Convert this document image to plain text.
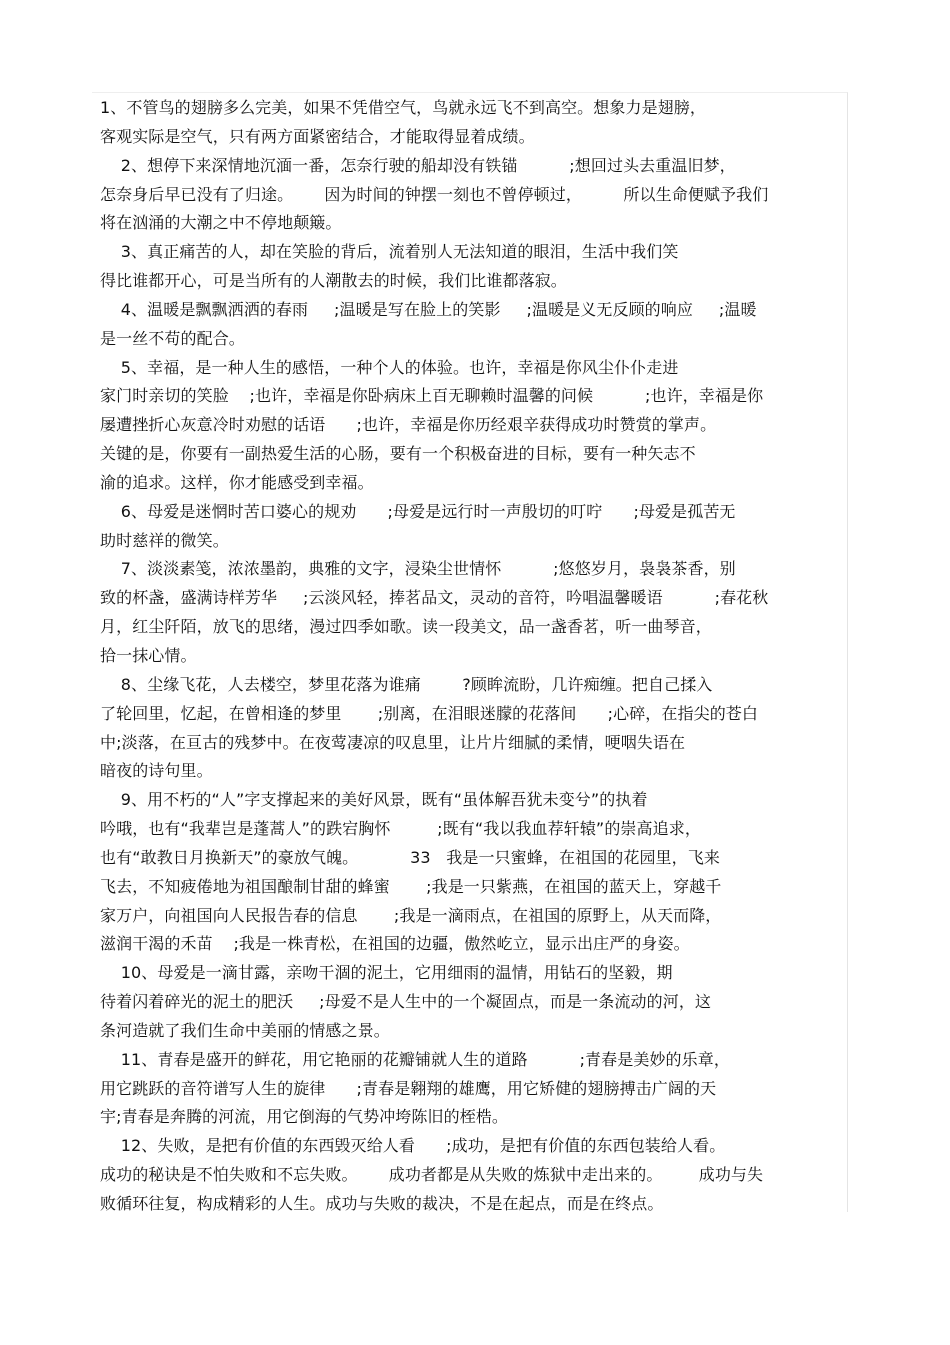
1、不管鸟的翅膀多么完美，如果不凭借空气，鸟就永远飞不到高空。想象力是翅膀，
客观实际是空气，只有两方面紧密结合，才能取得显着成绩。
2、想停下来深情地沉湎一番，怎奈行驶的船却没有铁锚          ;想回过头去重温旧梦，
怎奈身后早已没有了归途。      因为时间的钟摆一刻也不曾停顿过，        所以生命便赋予我们
将在汹涌的大潮之中不停地颠簸。
3、真正痛苦的人，却在笑脸的背后，流着别人无法知道的眼泪，生活中我们笑
得比谁都开心，可是当所有的人潮散去的时候，我们比谁都落寂。
4、温暖是飘飘洒洒的春雨     ;温暖是写在脸上的笑影     ;温暖是义无反顾的响应     ;温暖
是一丝不苟的配合。
5、幸福，是一种人生的感悟，一种个人的体验。也许，幸福是你风尘仆仆走进
家门时亲切的笑脸    ;也许，幸福是你卧病床上百无聊赖时温馨的问候          ;也许，幸福是你
屡遭挫折心灰意冷时劝慰的话语      ;也许，幸福是你历经艰辛获得成功时赞赏的掌声。
关键的是，你要有一副热爱生活的心肠，要有一个积极奋进的目标，要有一种矢志不
渝的追求。这样，你才能感受到幸福。
6、母爱是迷惘时苦口婆心的规劝      ;母爱是远行时一声殷切的叮咛      ;母爱是孤苦无
助时慈祥的微笑。
7、淡淡素笺，浓浓墨韵，典雅的文字，浸染尘世情怀          ;悠悠岁月，袅袅茶香，别
致的杯盏，盛满诗样芳华     ;云淡风轻，捧茗品文，灵动的音符，吟唱温馨暖语          ;春花秋
月，红尘阡陌，放飞的思绪，漫过四季如歌。读一段美文，品一盏香茗，听一曲琴音，
拾一抹心情。
8、尘缘飞花，人去楼空，梦里花落为谁痛        ?顾眸流盼，几许痴缠。把自己揉入
了轮回里，忆起，在曾相逢的梦里       ;别离，在泪眼迷朦的花落间      ;心碎，在指尖的苍白
中;淡落，在亘古的残梦中。在夜莺凄凉的叹息里，让片片细腻的柔情，哽咽失语在
暗夜的诗句里。
9、用不朽的“人”字支撑起来的美好风景，既有“虽体解吾犹未变兮”的执着
吟哦，也有“我辈岂是蓬蒿人”的跌宕胸怀         ;既有“我以我血荐轩辕”的崇高追求，
也有“敢教日月换新天”的豪放气魄。          33   我是一只蜜蜂，在祖国的花园里，飞来
飞去，不知疲倦地为祖国酿制甘甜的蜂蜜       ;我是一只紫燕，在祖国的蓝天上，穿越千
家万户，向祖国向人民报告春的信息       ;我是一滴雨点，在祖国的原野上，从天而降，
滋润干渴的禾苗    ;我是一株青松，在祖国的边疆，傲然屹立，显示出庄严的身姿。
10、母爱是一滴甘露，亲吻干涸的泥土，它用细雨的温情，用钻石的坚毅，期
待着闪着碎光的泥土的肥沃     ;母爱不是人生中的一个凝固点，而是一条流动的河，这
条河造就了我们生命中美丽的情感之景。
11、青春是盛开的鲜花，用它艳丽的花瓣铺就人生的道路          ;青春是美妙的乐章，
用它跳跃的音符谱写人生的旋律      ;青春是翱翔的雄鹰，用它矫健的翅膀搏击广阔的天
宇;青春是奔腾的河流，用它倒海的气势冲垮陈旧的桎梏。
12、失败，是把有价值的东西毁灭给人看      ;成功，是把有价值的东西包装给人看。
成功的秘诀是不怕失败和不忘失败。      成功者都是从失败的炼狱中走出来的。       成功与失
败循环往复，构成精彩的人生。成功与失败的裁决，不是在起点，而是在终点。
